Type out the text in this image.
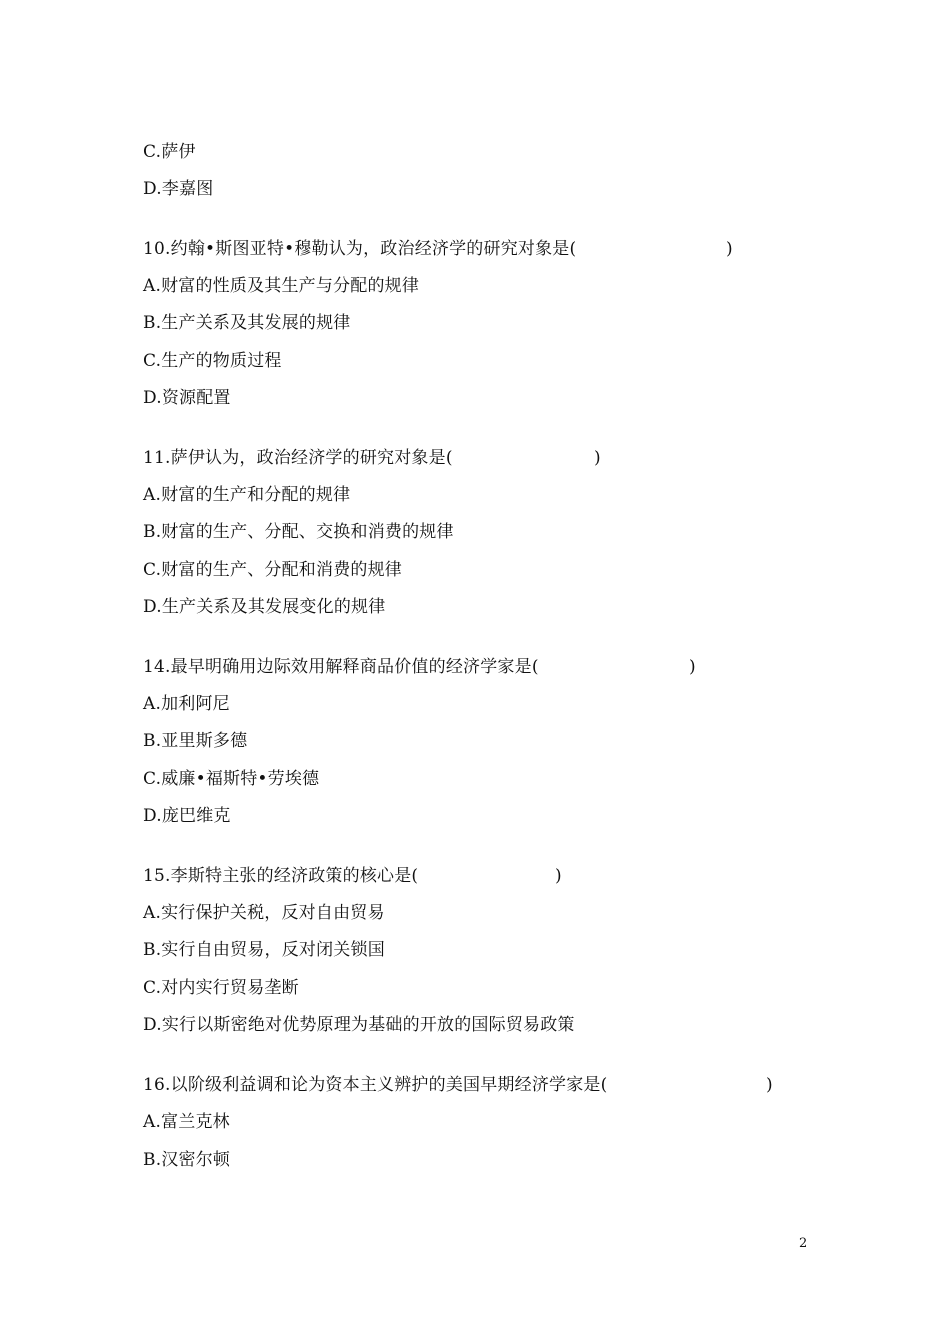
C.萨伊
D.李嘉图
10.约翰•斯图亚特•穆勒认为，政治经济学的研究对象是(	)
A.财富的性质及其生产与分配的规律
B.生产关系及其发展的规律
C.生产的物质过程
D.资源配置
11.萨伊认为，政治经济学的研究对象是(	)
A.财富的生产和分配的规律
B.财富的生产、分配、交换和消费的规律
C.财富的生产、分配和消费的规律
D.生产关系及其发展变化的规律
14.最早明确用边际效用解释商品价值的经济学家是(	)
A.加利阿尼
B.亚里斯多德
C.威廉•福斯特•劳埃德
D.庞巴维克
15.李斯特主张的经济政策的核心是(	)
A.实行保护关税，反对自由贸易
B.实行自由贸易，反对闭关锁国
C.对内实行贸易垄断
D.实行以斯密绝对优势原理为基础的开放的国际贸易政策
16.以阶级利益调和论为资本主义辨护的美国早期经济学家是(	)
A.富兰克林
B.汉密尔顿
2
